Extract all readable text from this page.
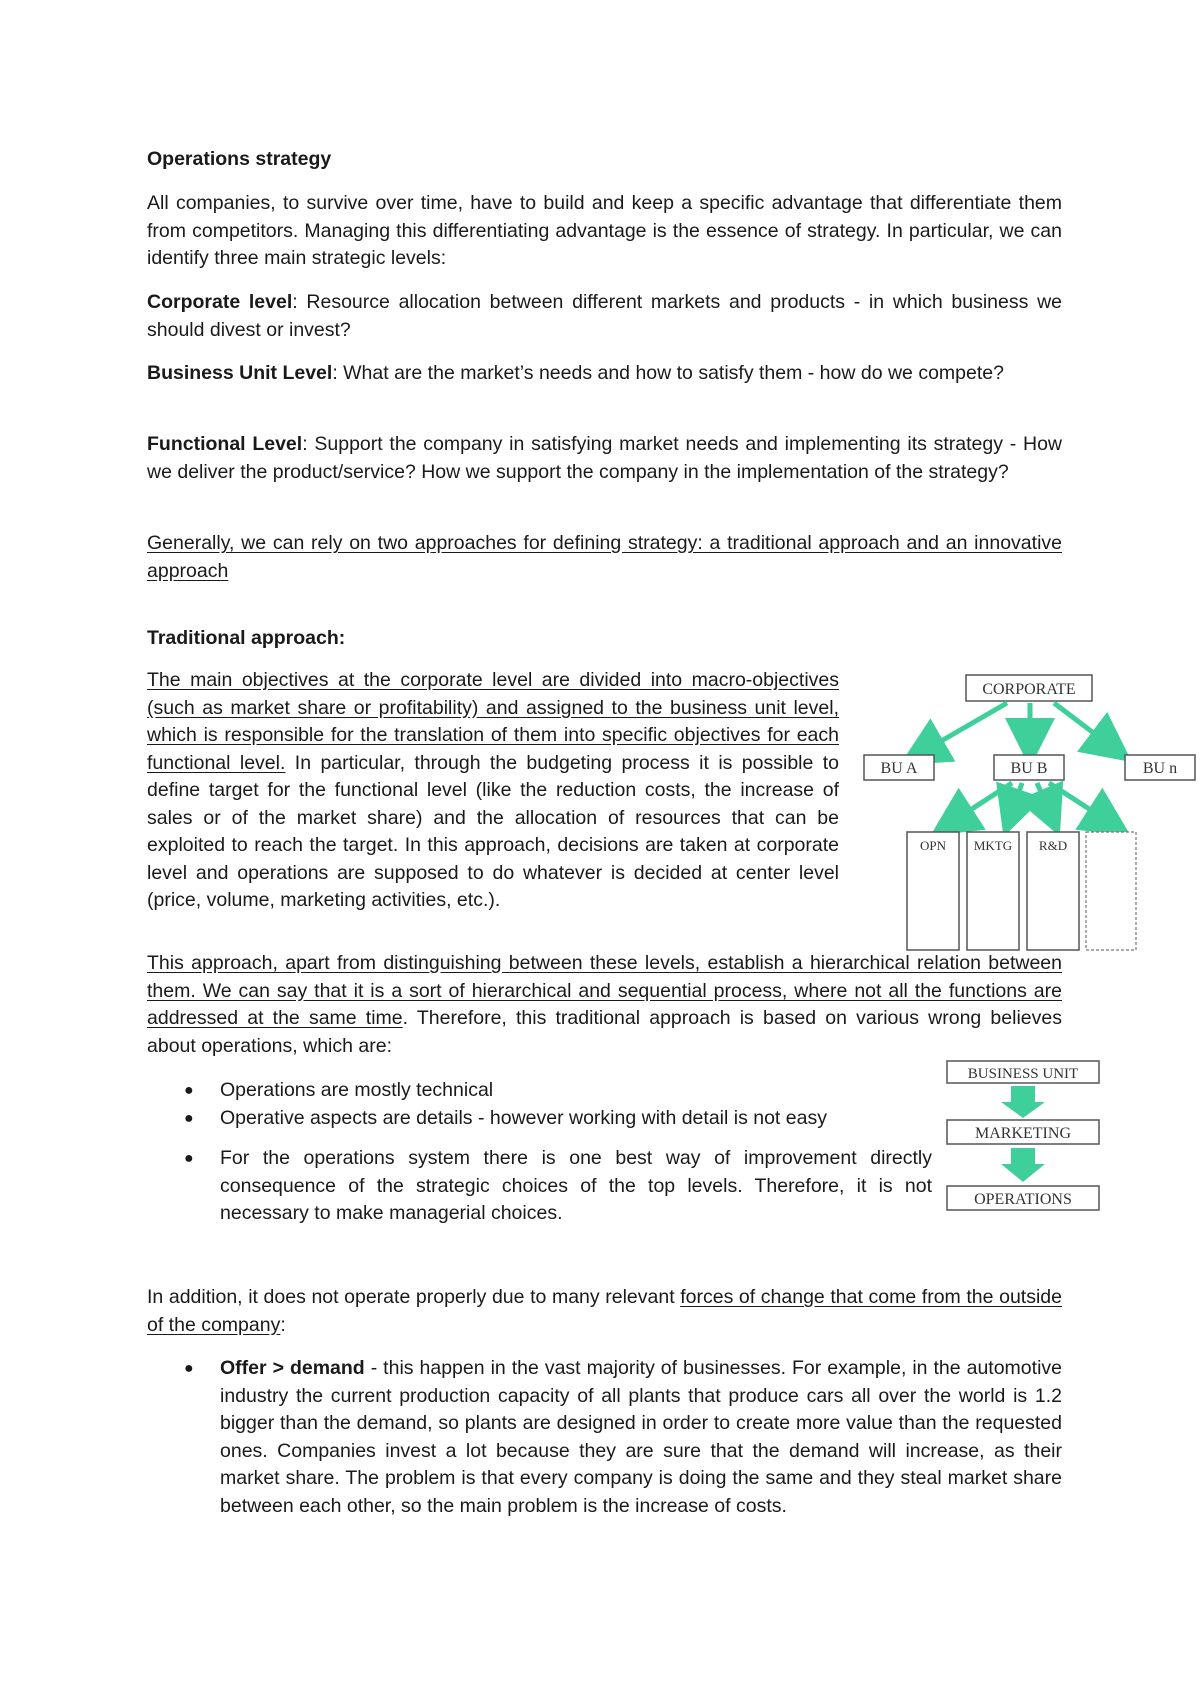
Operations strategy

All companies, to survive over time, have to build and keep a specific advantage that differentiate them from competitors. Managing this differentiating advantage is the essence of strategy. In particular, we can identify three main strategic levels:

Corporate level: Resource allocation between different markets and products - in which business we should divest or invest?

Business Unit Level: What are the market’s needs and how to satisfy them - how do we compete?

Functional Level: Support the company in satisfying market needs and implementing its strategy - How we deliver the product/service? How we support the company in the implementation of the strategy?

Generally, we can rely on two approaches for defining strategy: a traditional approach and an innovative approach

Traditional approach:

The main objectives at the corporate level are divided into macro-objectives (such as market share or profitability) and assigned to the business unit level, which is responsible for the translation of them into specific objectives for each functional level. In particular, through the budgeting process it is possible to define target for the functional level (like the reduction costs, the increase of sales or of the market share) and the allocation of resources that can be exploited to reach the target. In this approach, decisions are taken at corporate level and operations are supposed to do whatever is decided at center level (price, volume, marketing activities, etc.).

CORPORATE
BU A	BU B	BU n
OPN MKTG R&D

This approach, apart from distinguishing between these levels, establish a hierarchical relation between them. We can say that it is a sort of hierarchical and sequential process, where not all the functions are addressed at the same time. Therefore, this traditional approach is based on various wrong believes about operations, which are:

● Operations are mostly technical
● Operative aspects are details - however working with detail is not easy
● For the operations system there is one best way of improvement directly consequence of the strategic choices of the top levels. Therefore, it is not necessary to make managerial choices.
BUSINESS UNIT
MARKETING
OPERATIONS

In addition, it does not operate properly due to many relevant forces of change that come from the outside of the company:

● Offer > demand - this happen in the vast majority of businesses. For example, in the automotive industry the current production capacity of all plants that produce cars all over the world is 1.2 bigger than the demand, so plants are designed in order to create more value than the requested ones. Companies invest a lot because they are sure that the demand will increase, as their market share. The problem is that every company is doing the same and they steal market share between each other, so the main problem is the increase of costs.
